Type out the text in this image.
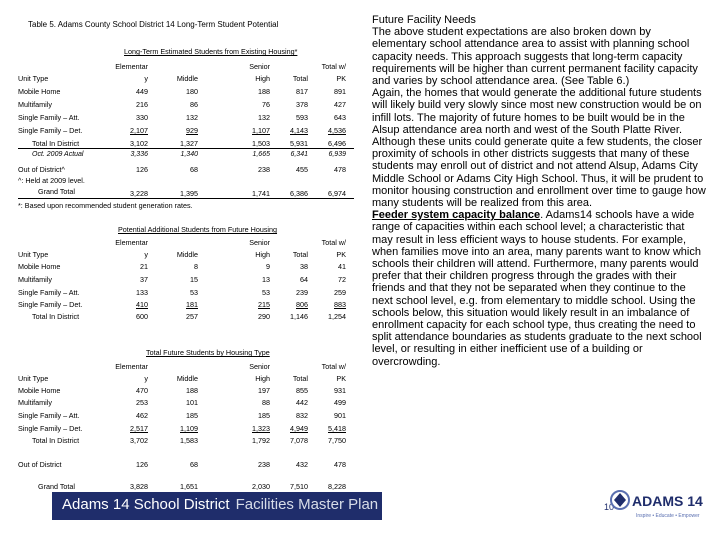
Table 5. Adams County School District 14 Long-Term Student Potential
Long-Term Estimated Students from Existing Housing*
Elementar	Senior	Total w/
Unit Type	y	Middle	High	Total	PK
Mobile Home	449	180	188	817	891
Multifamily	216	86	76	378	427
Single Family – Att.	330	132	132	593	643
Single Family – Det.	2,107	929	1,107	4,143	4,536
Total In District	3,102	1,327	1,503	5,931	6,496
Oct. 2009 Actual	3,336	1,340	1,665	6,341	6,939
Out of District^	126	68	238	455	478
^: Held at 2009 level.
Grand Total	3,228	1,395	1,741	6,386	6,974
*: Based upon recommended student generation rates.
Potential Additional Students from Future Housing
Elementar	Senior	Total w/
Unit Type	y	Middle	High	Total	PK
Mobile Home	21	8	9	38	41
Multifamily	37	15	13	64	72
Single Family – Att.	133	53	53	239	259
Single Family – Det.	410	181	215	806	883
Total In District	600	257	290	1,146	1,254
Total Future Students by Housing Type
Elementar	Senior	Total w/
Unit Type	y	Middle	High	Total	PK
Mobile Home	470	188	197	855	931
Multifamily	253	101	88	442	499
Single Family – Att.	462	185	185	832	901
Single Family – Det.	2,517	1,109	1,323	4,949	5,418
Total In District	3,702	1,583	1,792	7,078	7,750
Out of District	126	68	238	432	478
Grand Total	3,828	1,651	2,030	7,510	8,228
Future Facility Needs

The above student expectations are also broken down by elementary school attendance area to assist with planning school capacity needs. This approach suggests that long-term capacity requirements will be higher than current permanent facility capacity and varies by school attendance area. (See Table 6.)

Again, the homes that would generate the additional future students will likely build very slowly since most new construction would be on infill lots. The majority of future homes to be built would be in the Alsup attendance area north and west of the South Platte River. Although these units could generate quite a few students, the closer proximity of schools in other districts suggests that many of these students may enroll out of district and not attend Alsup, Adams City Middle School or Adams City High School. Thus, it will be prudent to monitor housing construction and enrollment over time to gauge how many students will be realized from this area.

Feeder system capacity balance. Adams14 schools have a wide range of capacities within each school level; a characteristic that may result in less efficient ways to house students. For example, when families move into an area, many parents want to know which schools their children will attend. Furthermore, many parents would prefer that their children progress through the grades with their friends and that they not be separated when they continue to the next school level, e.g. from elementary to middle school. Using the schools below, this situation would likely result in an imbalance of enrollment capacity for each school type, thus creating the need to split attendance boundaries as students graduate to the next school level, or resulting in either inefficient use of a building or overcrowding.

Adams 14 School District Facilities Master Plan	10 ADAMS 14
Inspire • Educate • Empower
